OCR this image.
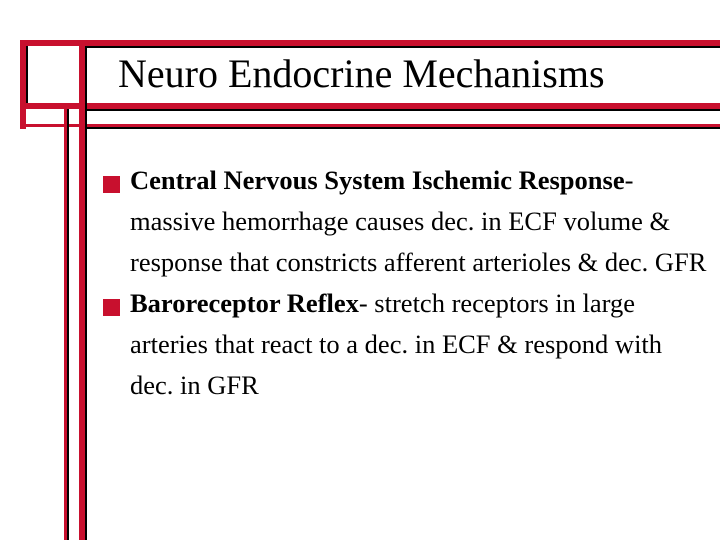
Neuro Endocrine Mechanisms
Central Nervous System Ischemic Response- massive hemorrhage causes dec. in ECF volume & response that constricts afferent arterioles & dec. GFR
Baroreceptor Reflex- stretch receptors in large arteries that react to a dec. in ECF & respond with dec. in GFR
